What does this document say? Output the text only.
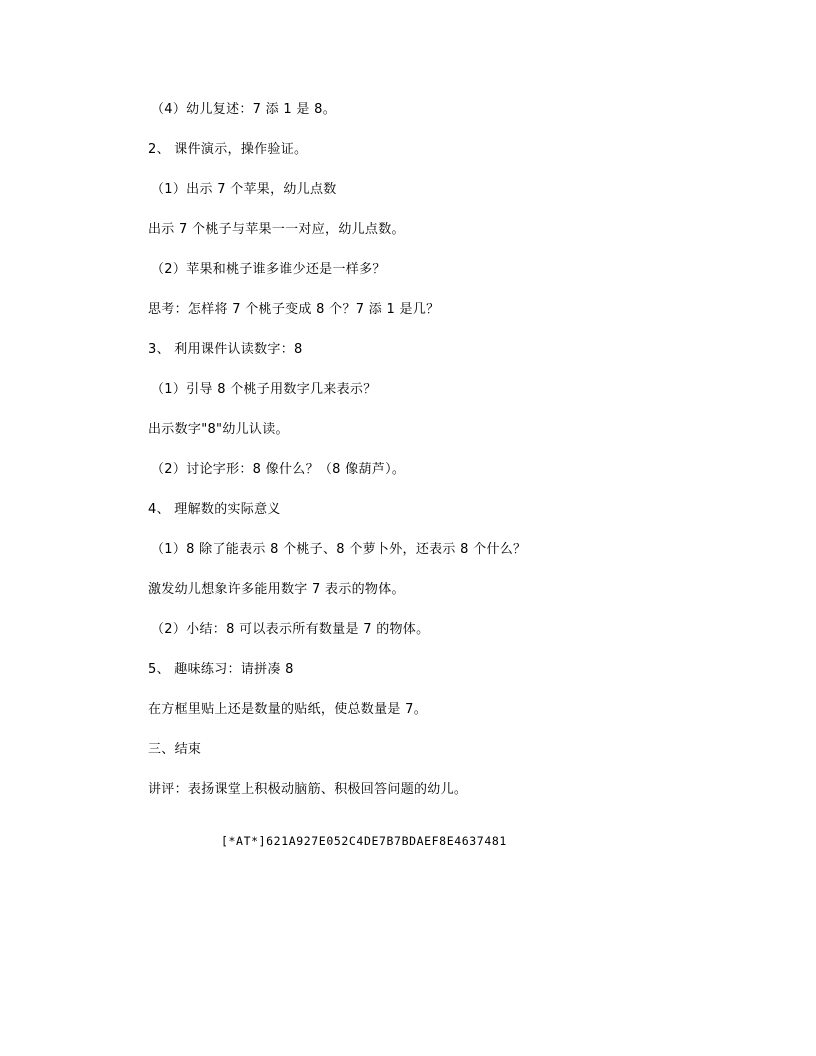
（4）幼儿复述：7 添 1 是 8。
2、 课件演示，操作验证。
（1）出示 7 个苹果，幼儿点数
出示 7 个桃子与苹果一一对应，幼儿点数。
（2）苹果和桃子谁多谁少还是一样多？
思考：怎样将 7 个桃子变成 8 个？7 添 1 是几？
3、 利用课件认读数字：8
（1）引导 8 个桃子用数字几来表示？
出示数字"8"幼儿认读。
（2）讨论字形：8 像什么？（8 像葫芦）。
4、 理解数的实际意义
（1）8 除了能表示 8 个桃子、8 个萝卜外，还表示 8 个什么？
激发幼儿想象许多能用数字 7 表示的物体。
（2）小结：8 可以表示所有数量是 7 的物体。
5、 趣味练习：请拼凑 8
在方框里贴上还是数量的贴纸，使总数量是 7。
三、结束
讲评：表扬课堂上积极动脑筋、积极回答问题的幼儿。
[*AT*]621A927E052C4DE7B7BDAEF8E4637481
